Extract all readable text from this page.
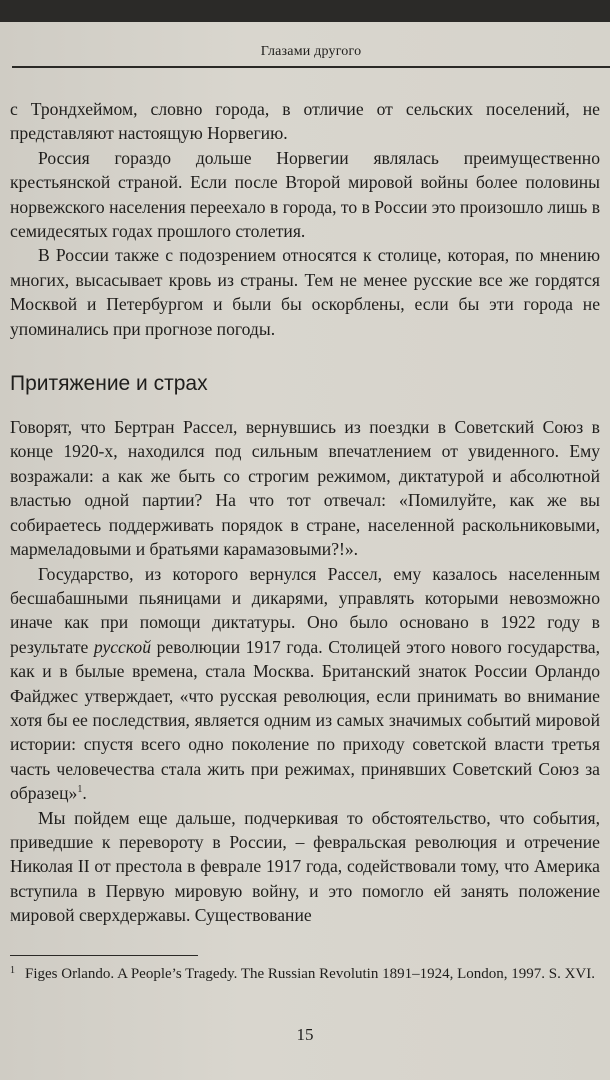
Глазами другого

с Трондхеймом, словно города, в отличие от сельских поселений, не представляют настоящую Норвегию.

Россия гораздо дольше Норвегии являлась преимущественно крестьянской страной. Если после Второй мировой войны более половины норвежского населения переехало в города, то в России это произошло лишь в семидесятых годах прошлого столетия.

В России также с подозрением относятся к столице, которая, по мнению многих, высасывает кровь из страны. Тем не менее русские все же гордятся Москвой и Петербургом и были бы оскорблены, если бы эти города не упоминались при прогнозе погоды.

Притяжение и страх

Говорят, что Бертран Рассел, вернувшись из поездки в Советский Союз в конце 1920-х, находился под сильным впечатлением от увиденного. Ему возражали: а как же быть со строгим режимом, диктатурой и абсолютной властью одной партии? На что тот отвечал: «Помилуйте, как же вы собираетесь поддерживать порядок в стране, населенной раскольниковыми, мармеладовыми и братьями карамазовыми?!».

Государство, из которого вернулся Рассел, ему казалось населенным бесшабашными пьяницами и дикарями, управлять которыми невозможно иначе как при помощи диктатуры. Оно было основано в 1922 году в результате русской революции 1917 года. Столицей этого нового государства, как и в былые времена, стала Москва. Британский знаток России Орландо Файджес утверждает, «что русская революция, если принимать во внимание хотя бы ее последствия, является одним из самых значимых событий мировой истории: спустя всего одно поколение по приходу советской власти третья часть человечества стала жить при режимах, принявших Советский Союз за образец»$^1$.

Мы пойдем еще дальше, подчеркивая то обстоятельство, что события, приведшие к перевороту в России, – февральская революция и отречение Николая II от престола в феврале 1917 года, содействовали тому, что Америка вступила в Первую мировую войну, и это помогло ей занять положение мировой сверхдержавы. Существование

$^1$ Figes Orlando. A People’s Tragedy. The Russian Revolutin 1891–1924, London, 1997. S. XVI.
15
